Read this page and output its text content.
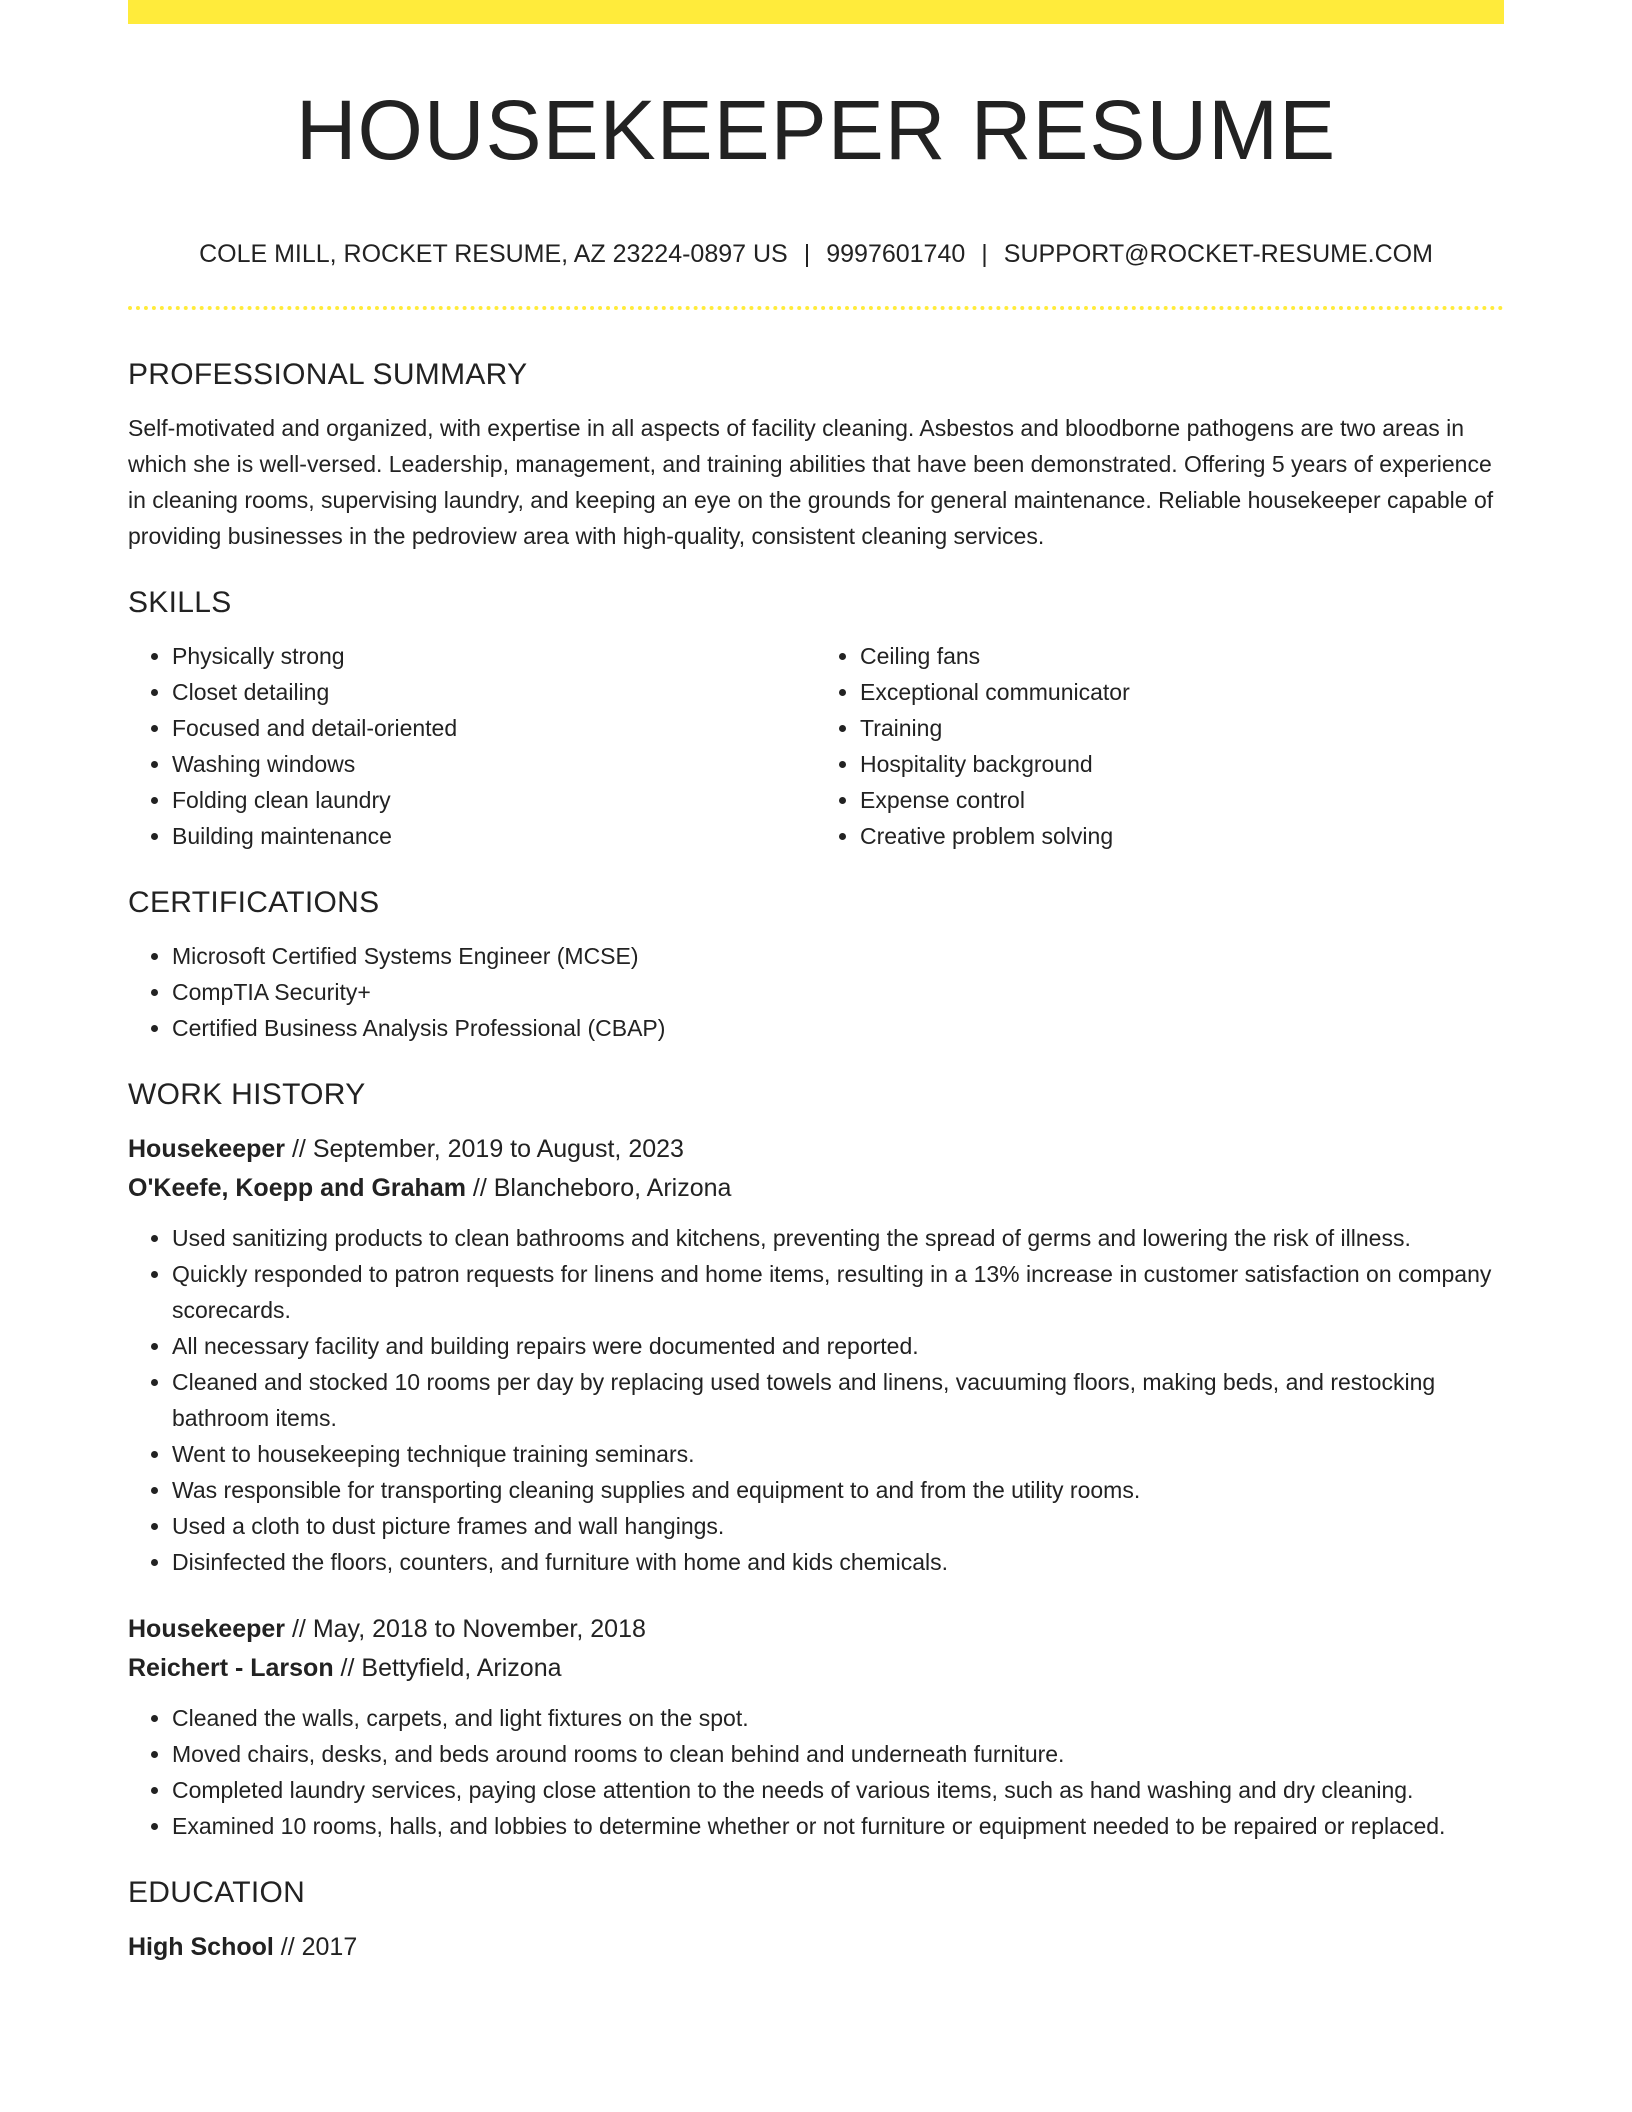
HOUSEKEEPER RESUME
COLE MILL, ROCKET RESUME, AZ 23224-0897 US | 9997601740 | SUPPORT@ROCKET-RESUME.COM
PROFESSIONAL SUMMARY

Self-motivated and organized, with expertise in all aspects of facility cleaning. Asbestos and bloodborne pathogens are two areas in which she is well-versed. Leadership, management, and training abilities that have been demonstrated. Offering 5 years of experience in cleaning rooms, supervising laundry, and keeping an eye on the grounds for general maintenance. Reliable housekeeper capable of providing businesses in the pedroview area with high-quality, consistent cleaning services.

SKILLS
• Physically strong
• Closet detailing
• Focused and detail-oriented
• Washing windows
• Folding clean laundry
• Building maintenance
• Ceiling fans
• Exceptional communicator
• Training
• Hospitality background
• Expense control
• Creative problem solving
CERTIFICATIONS
• Microsoft Certified Systems Engineer (MCSE)
• CompTIA Security+
• Certified Business Analysis Professional (CBAP)
WORK HISTORY
Housekeeper // September, 2019 to August, 2023
O'Keefe, Koepp and Graham // Blancheboro, Arizona
• Used sanitizing products to clean bathrooms and kitchens, preventing the spread of germs and lowering the risk of illness.
• Quickly responded to patron requests for linens and home items, resulting in a 13% increase in customer satisfaction on company scorecards.
• All necessary facility and building repairs were documented and reported.
• Cleaned and stocked 10 rooms per day by replacing used towels and linens, vacuuming floors, making beds, and restocking bathroom items.
• Went to housekeeping technique training seminars.
• Was responsible for transporting cleaning supplies and equipment to and from the utility rooms.
• Used a cloth to dust picture frames and wall hangings.
• Disinfected the floors, counters, and furniture with home and kids chemicals.
Housekeeper // May, 2018 to November, 2018
Reichert - Larson // Bettyfield, Arizona
• Cleaned the walls, carpets, and light fixtures on the spot.
• Moved chairs, desks, and beds around rooms to clean behind and underneath furniture.
• Completed laundry services, paying close attention to the needs of various items, such as hand washing and dry cleaning.
• Examined 10 rooms, halls, and lobbies to determine whether or not furniture or equipment needed to be repaired or replaced.
EDUCATION
High School // 2017
